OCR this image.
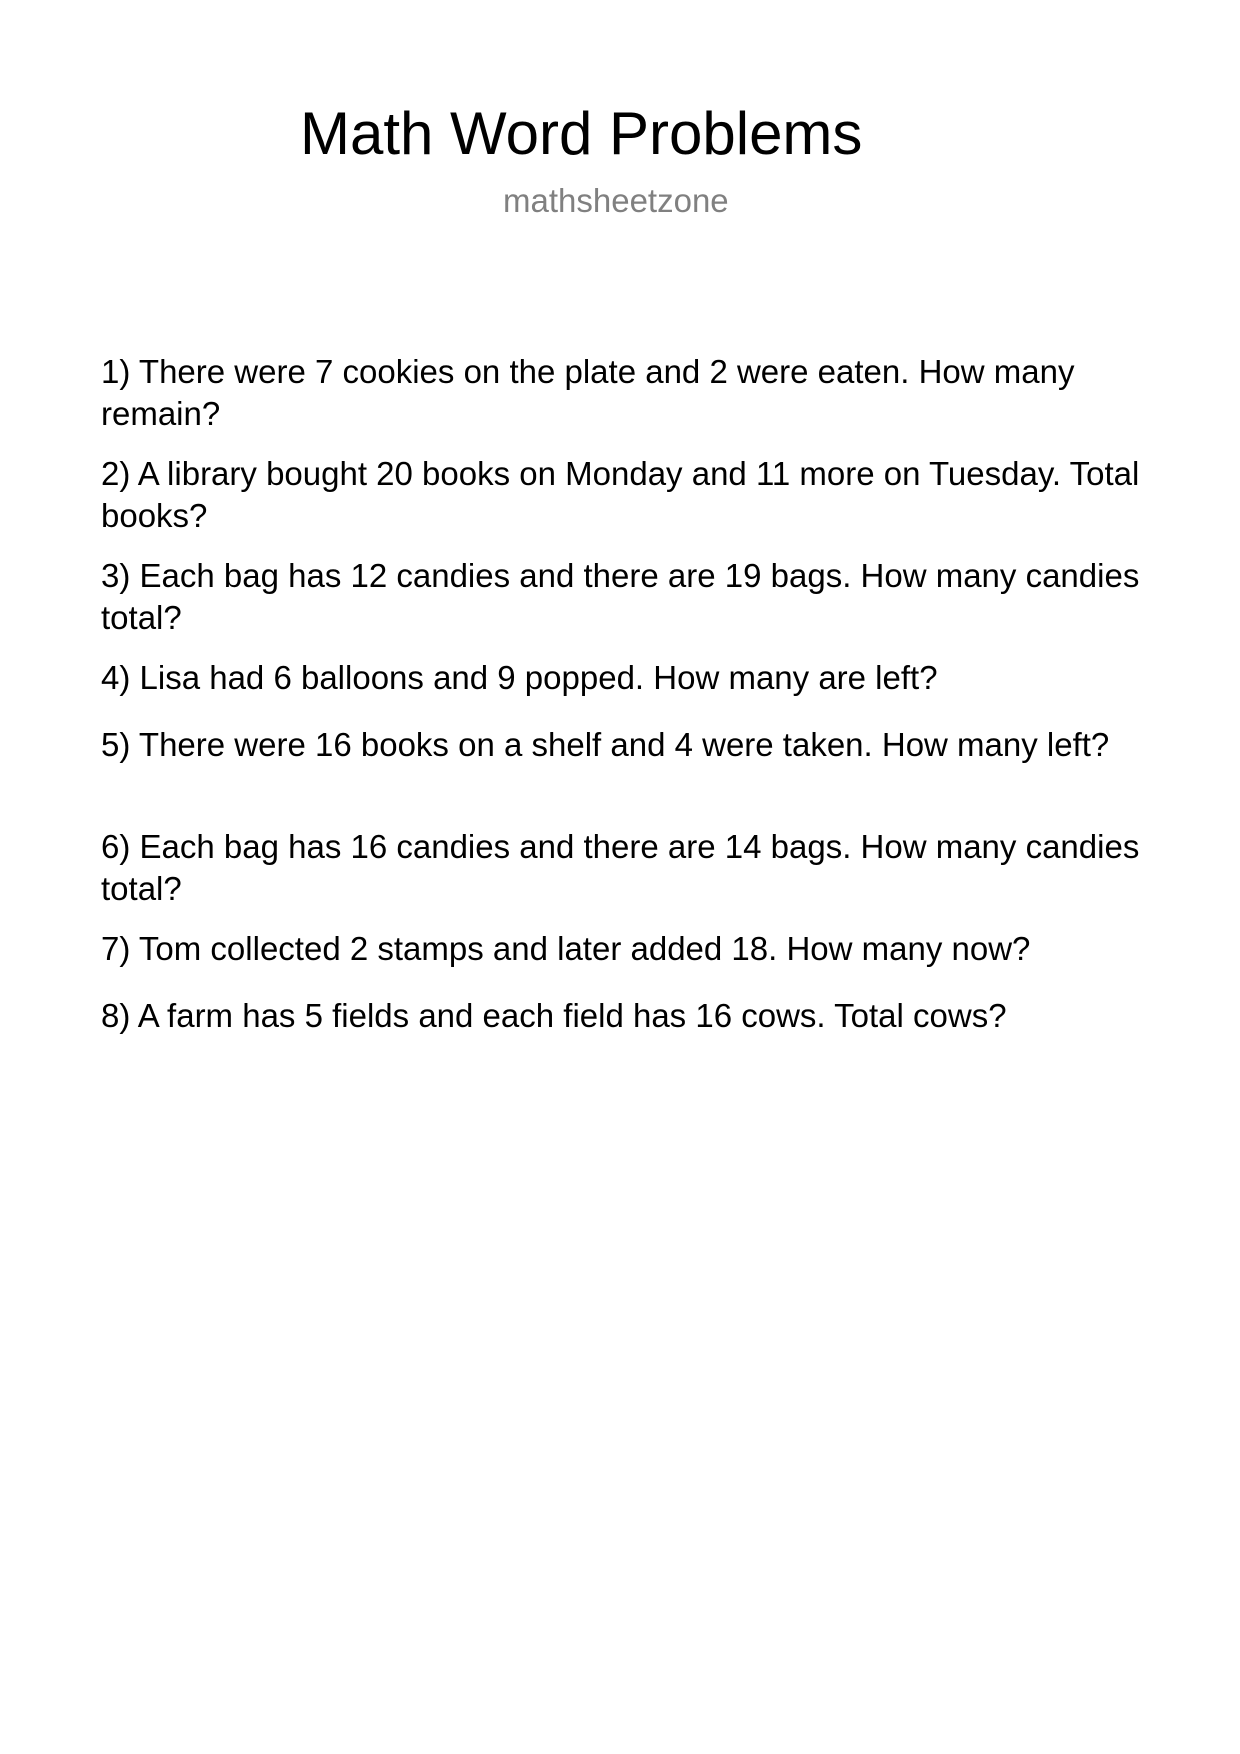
Math Word Problems

mathsheetzone

1) There were 7 cookies on the plate and 2 were eaten. How many remain?
2) A library bought 20 books on Monday and 11 more on Tuesday. Total books?
3) Each bag has 12 candies and there are 19 bags. How many candies total?
4) Lisa had 6 balloons and 9 popped. How many are left?
5) There were 16 books on a shelf and 4 were taken. How many left?
6) Each bag has 16 candies and there are 14 bags. How many candies total?
7) Tom collected 2 stamps and later added 18. How many now?
8) A farm has 5 fields and each field has 16 cows. Total cows?
